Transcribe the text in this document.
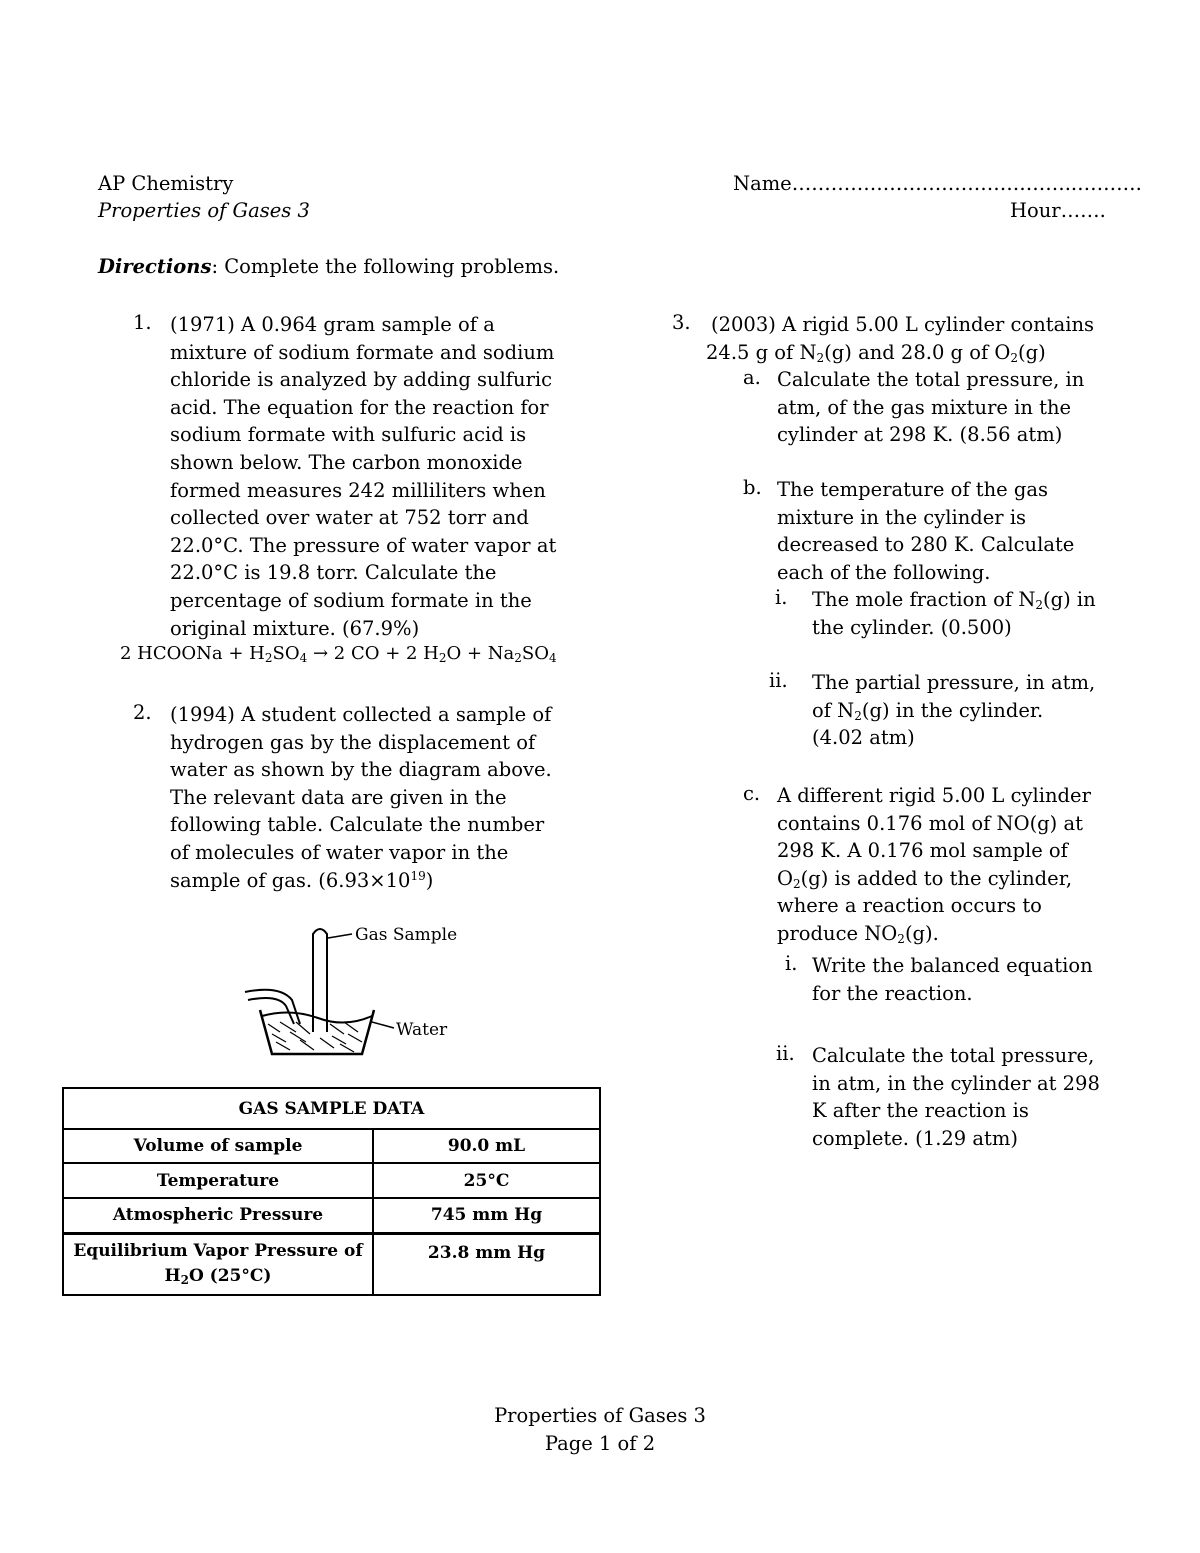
AP Chemistry
Properties of Gases 3
Name……………………………………..……….
Hour…….
Directions: Complete the following problems.
1. (1971) A 0.964 gram sample of a
mixture of sodium formate and sodium
chloride is analyzed by adding sulfuric
acid. The equation for the reaction for
sodium formate with sulfuric acid is
shown below. The carbon monoxide
formed measures 242 milliliters when
collected over water at 752 torr and
22.0°C. The pressure of water vapor at
22.0°C is 19.8 torr. Calculate the
percentage of sodium formate in the
original mixture. (67.9%)
2 HCOONa + $H_2SO_4 \to 2$ CO + 2 $H_2O + Na_2SO_4$
2. (1994) A student collected a sample of
hydrogen gas by the displacement of
water as shown by the diagram above.
The relevant data are given in the
following table. Calculate the number
of molecules of water vapor in the
sample of gas. $(6.93\times 10^{19})$
Gas Sample
Water
GAS SAMPLE DATA	
Volume of sample	90.0 mL
Temperature	25°C
Atmospheric Pressure	745 mm Hg

Equilibrium Vapor Pressure of
$H_2O$ (25°C)	23.8 mm Hg
3. (2003) A rigid 5.00 L cylinder contains
24.5 g of $N_2(g)$ and 28.0 g of $O_2(g)$
a. Calculate the total pressure, in
atm, of the gas mixture in the
cylinder at 298 K. (8.56 atm)
b. The temperature of the gas
mixture in the cylinder is
decreased to 280 K. Calculate
each of the following.
i. The mole fraction of $N_2(g)$ in
the cylinder. (0.500)
ii. The partial pressure, in atm,
of $N_2(g)$ in the cylinder.
(4.02 atm)
c. A different rigid 5.00 L cylinder
contains 0.176 mol of NO(g) at
298 K. A 0.176 mol sample of
$O_2(g)$ is added to the cylinder,
where a reaction occurs to
produce $NO_2(g)$.
i. Write the balanced equation
for the reaction.
ii. Calculate the total pressure,
in atm, in the cylinder at 298
K after the reaction is
complete. (1.29 atm)
Properties of Gases 3
Page 1 of 2
